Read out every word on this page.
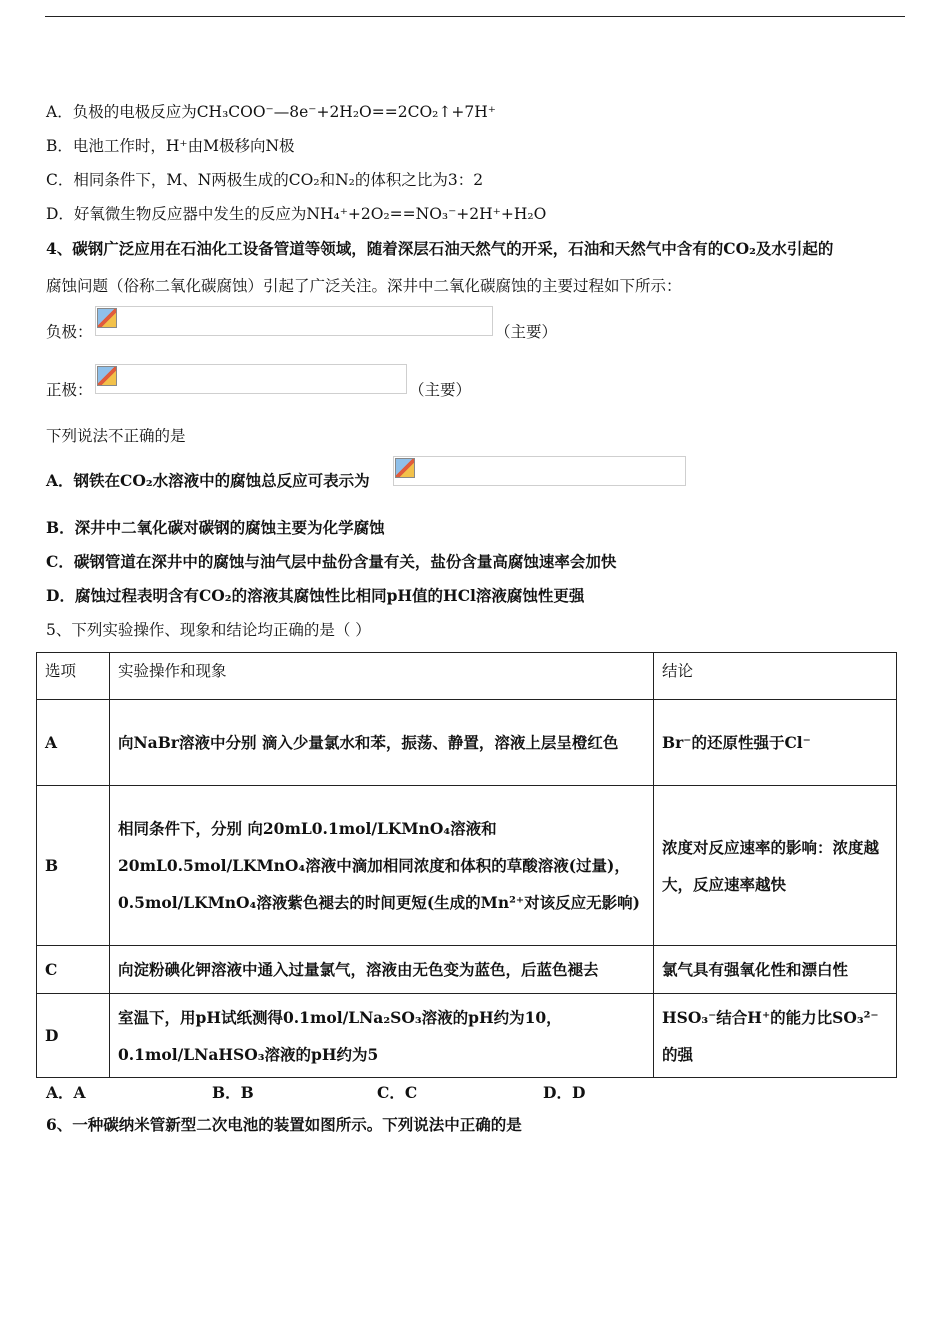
A．负极的电极反应为CH₃COO⁻—8e⁻+2H₂O==2CO₂↑+7H⁺
B．电池工作时，H⁺由M极移向N极
C．相同条件下，M、N两极生成的CO₂和N₂的体积之比为3：2
D．好氧微生物反应器中发生的反应为NH₄⁺+2O₂==NO₃⁻+2H⁺+H₂O
4、碳钢广泛应用在石油化工设备管道等领域，随着深层石油天然气的开采，石油和天然气中含有的CO₂及水引起的
腐蚀问题（俗称二氧化碳腐蚀）引起了广泛关注。深井中二氧化碳腐蚀的主要过程如下所示：
负极：	（主要）
正极：	（主要）
下列说法不正确的是
A．钢铁在CO₂水溶液中的腐蚀总反应可表示为
B．深井中二氧化碳对碳钢的腐蚀主要为化学腐蚀
C．碳钢管道在深井中的腐蚀与油气层中盐份含量有关，盐份含量高腐蚀速率会加快
D．腐蚀过程表明含有CO₂的溶液其腐蚀性比相同pH值的HCl溶液腐蚀性更强
5、下列实验操作、现象和结论均正确的是（ ）
选项	实验操作和现象	结论
A	向NaBr溶液中分别 滴入少量氯水和苯，振荡、静置，溶液上层呈橙红色	Br⁻的还原性强于Cl⁻
B	相同条件下，分别 向20mL0.1mol/LKMnO₄溶液和20mL0.5mol/LKMnO₄溶液中滴加相同浓度和体积的草酸溶液(过量)，0.5mol/LKMnO₄溶液紫色褪去的时间更短(生成的Mn²⁺对该反应无影响)	浓度对反应速率的影响：浓度越大，反应速率越快
C	向淀粉碘化钾溶液中通入过量氯气，溶液由无色变为蓝色，后蓝色褪去	氯气具有强氧化性和漂白性
D	室温下，用pH试纸测得0.1mol/LNa₂SO₃溶液的pH约为10，0.1mol/LNaHSO₃溶液的pH约为5	HSO₃⁻结合H⁺的能力比SO₃²⁻的强
A．A	B．B	C．C	D．D
6、一种碳纳米管新型二次电池的装置如图所示。下列说法中正确的是
